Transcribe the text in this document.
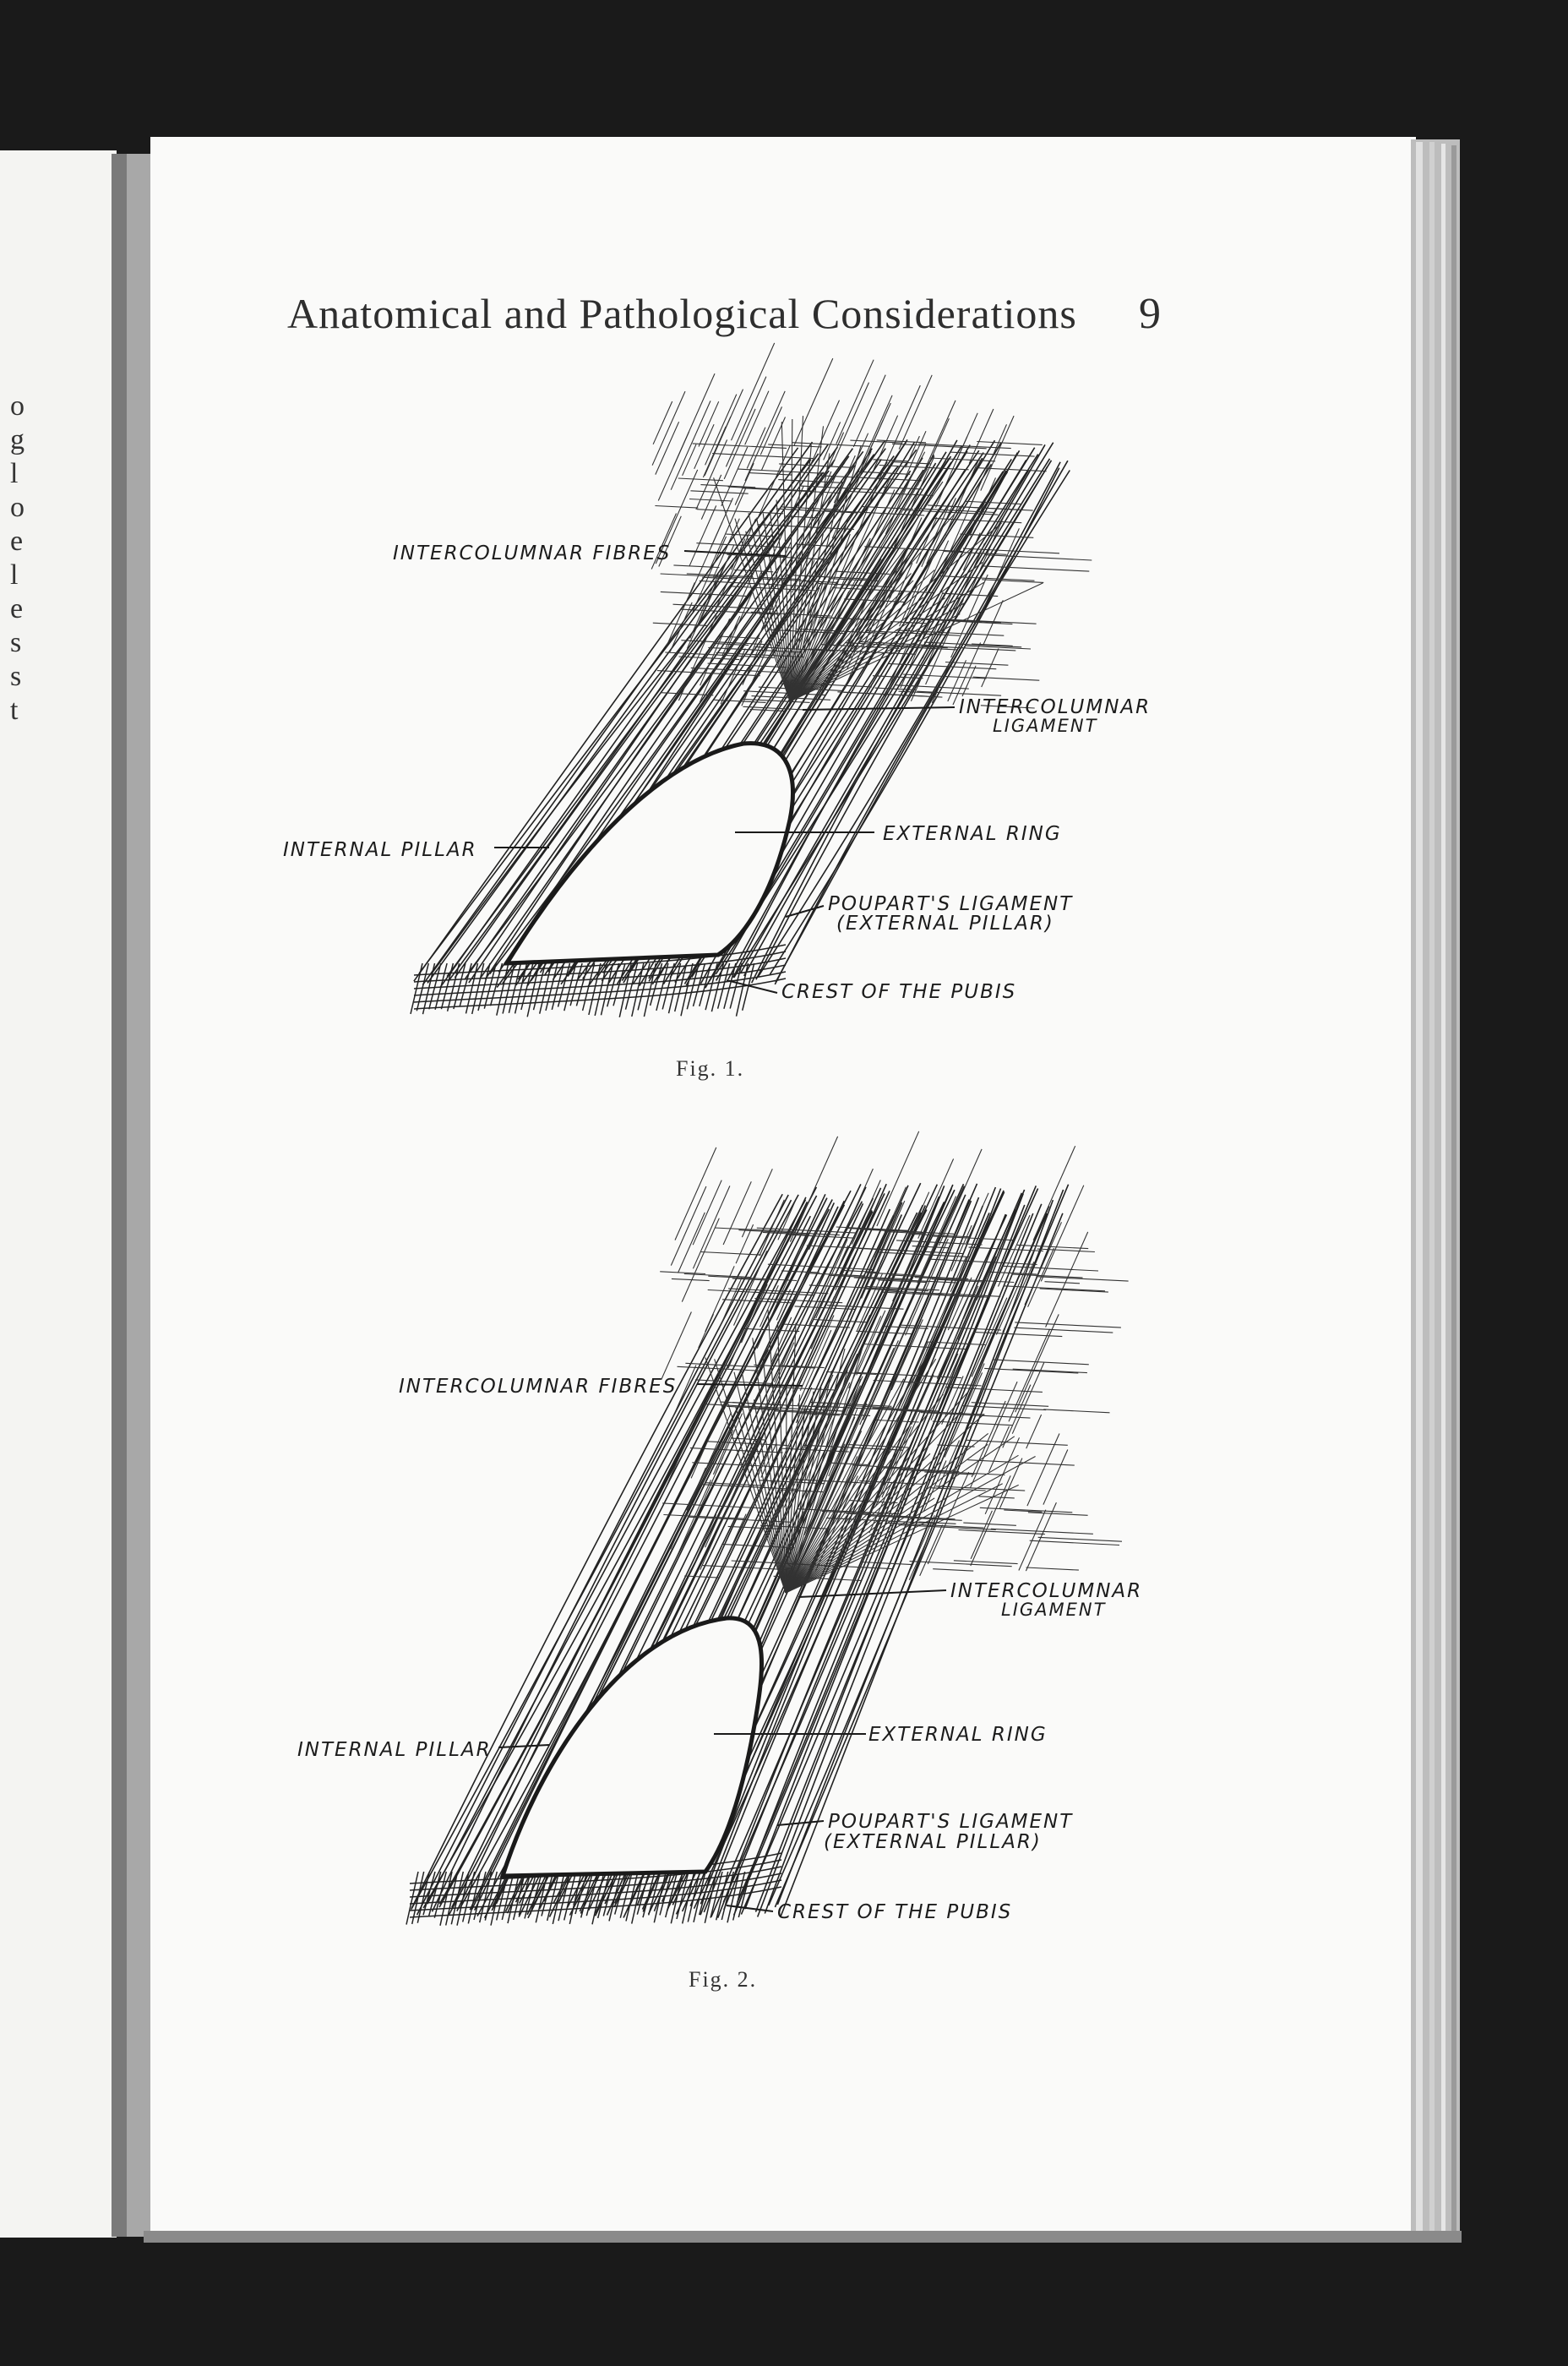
INTERCOLUMNAR FIBRES
INTERCOLUMNAR
LIGAMENT
INTERNAL PILLAR
EXTERNAL RING
POUPART'S LIGAMENT
(EXTERNAL PILLAR)
CREST OF THE PUBIS
INTERCOLUMNAR FIBRES
INTERCOLUMNAR
LIGAMENT
INTERNAL PILLAR
EXTERNAL RING
POUPART'S LIGAMENT
(EXTERNAL PILLAR)
CREST OF THE PUBIS
Anatomical and Pathological Considerations 9
Fig. 1.
Fig. 2.
o
g
l
o
e
l
e
s
s
t
